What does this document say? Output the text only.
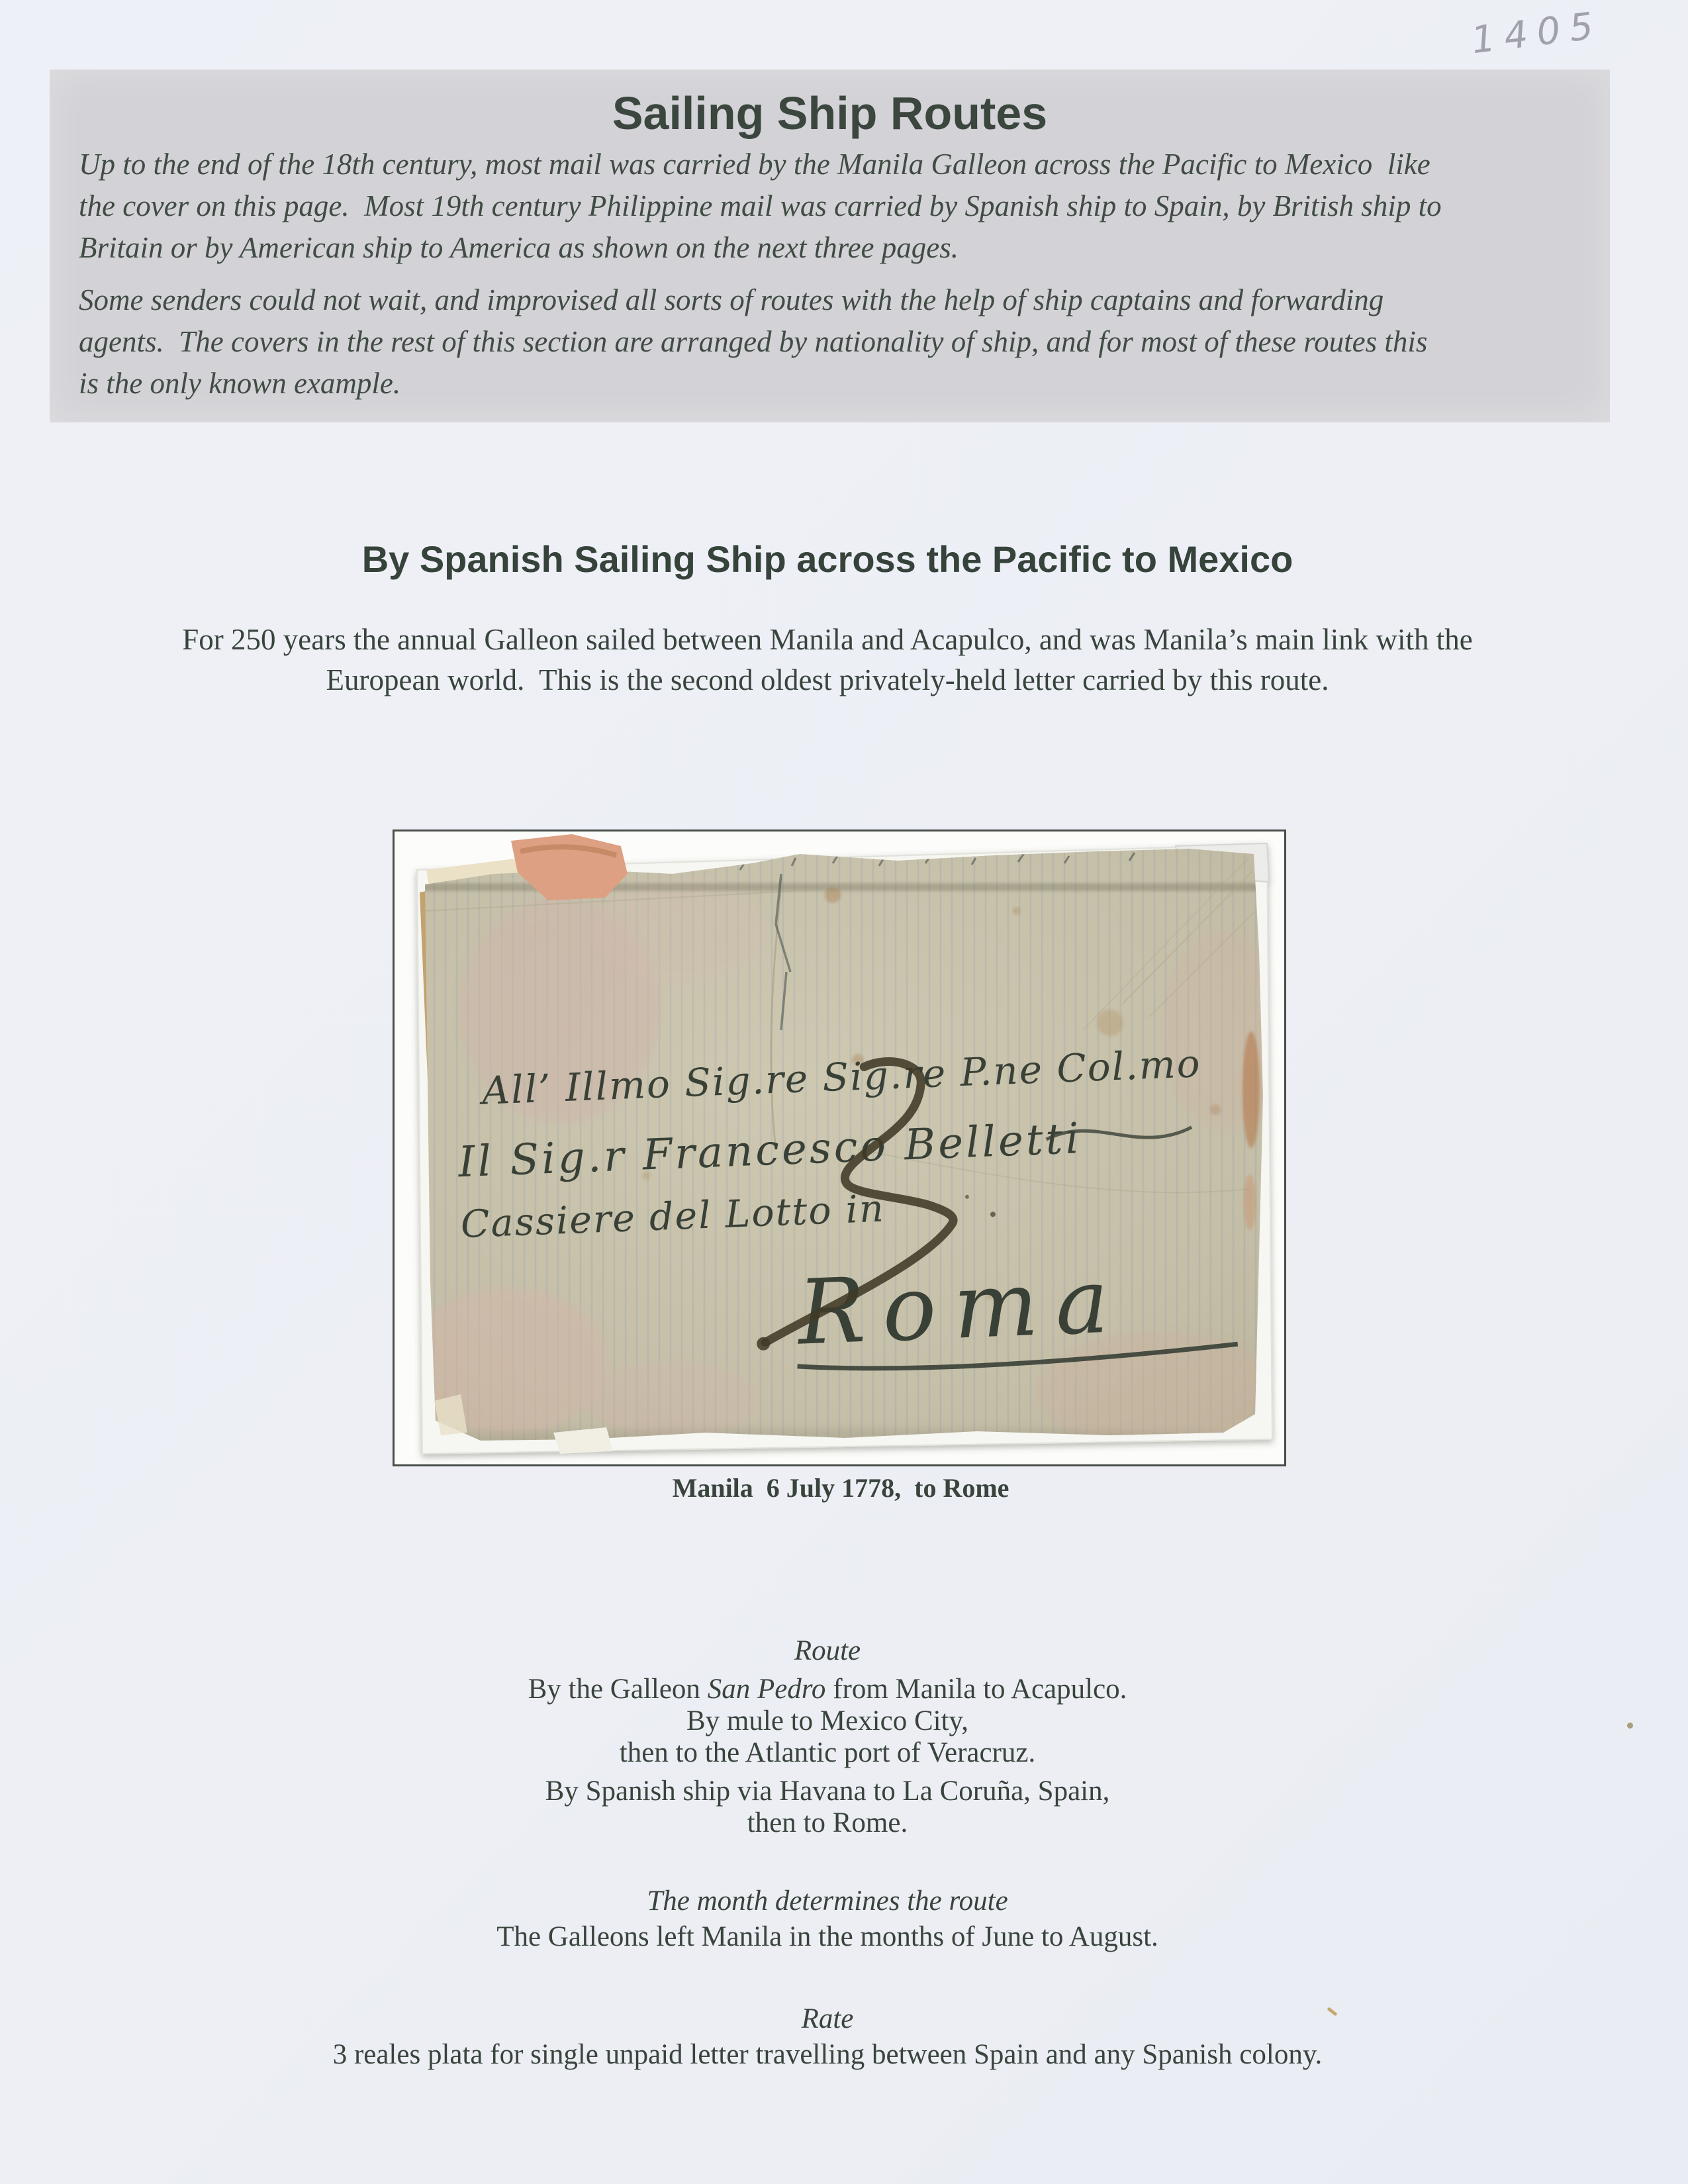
1405
Sailing Ship Routes
Up to the end of the 18th century, most mail was carried by the Manila Galleon across the Pacific to Mexico  like
the cover on this page.  Most 19th century Philippine mail was carried by Spanish ship to Spain, by British ship to
Britain or by American ship to America as shown on the next three pages.
Some senders could not wait, and improvised all sorts of routes with the help of ship captains and forwarding
agents.  The covers in the rest of this section are arranged by nationality of ship, and for most of these routes this
is the only known example.
By Spanish Sailing Ship across the Pacific to Mexico
For 250 years the annual Galleon sailed between Manila and Acapulco, and was Manila’s main link with the
European world.  This is the second oldest privately-held letter carried by this route.
All’ Illmo Sig.re Sig.re P.ne Col.mo
Il Sig.r Francesco Belletti
Cassiere del Lotto in
Roma
Manila  6 July 1778,  to Rome
Route
By the Galleon San Pedro from Manila to Acapulco.
By mule to Mexico City,
then to the Atlantic port of Veracruz.
By Spanish ship via Havana to La Coruña, Spain,
then to Rome.
The month determines the route
The Galleons left Manila in the months of June to August.
Rate
3 reales plata for single unpaid letter travelling between Spain and any Spanish colony.
